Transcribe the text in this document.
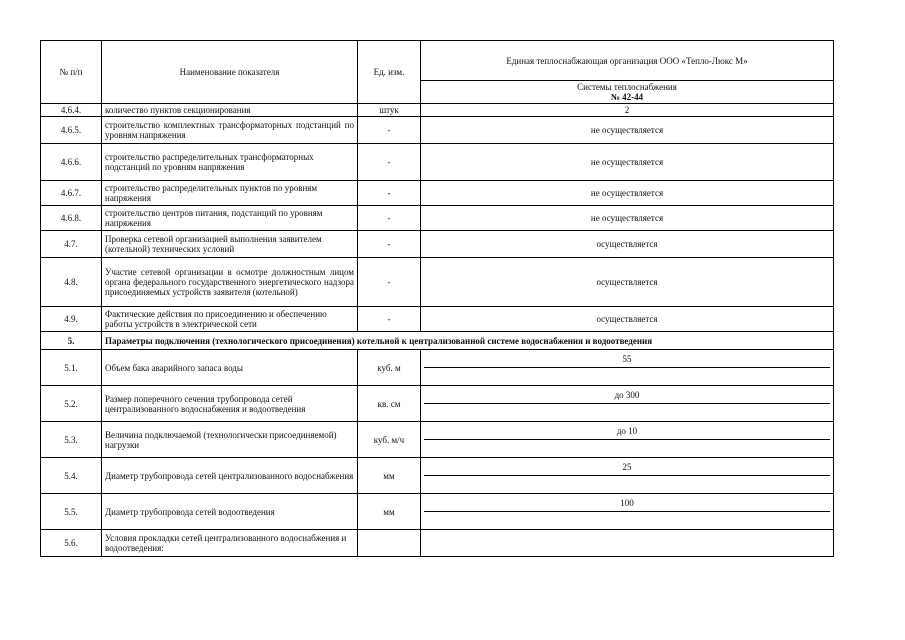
№ п/п	Наименование показателя	Ед. изм.	Единая теплоснабжающая организация ООО «Тепло-Люкс М»

			Системы теплоснабжения
№ 42-44

4.6.4.	количество пунктов секционирования	штук	2
4.6.5.	строительство комплектных трансформаторных подстанций по уровням напряжения	-	не осуществляется
4.6.6.	строительство распределительных трансформаторных подстанций по уровням напряжения	-	не осуществляется
4.6.7.	строительство распределительных пунктов по уровням напряжения	-	не осуществляется
4.6.8.	строительство центров питания, подстанций по уровням напряжения	-	не осуществляется
4.7.	Проверка сетевой организацией выполнения заявителем (котельной) технических условий	-	осуществляется
4.8.	Участие сетевой организации в осмотре должностным лицом органа федерального государственного энергетического надзора присоединяемых устройств заявителя (котельной)	-	осуществляется
4.9.	Фактические действия по присоединению и обеспечению работы устройств в электрической сети	-	осуществляется
5.	Параметры подключения (технологического присоединения) котельной к централизованной системе водоснабжения и водоотведения		
5.1.	Объем бака аварийного запаса воды	куб. м	55

5.2.	Размер поперечного сечения трубопровода сетей централизованного водоснабжения и водоотведения	кв. см	до 300

5.3.	Величина подключаемой (технологически присоединяемой) нагрузки	куб. м/ч	до 10

5.4.	Диаметр трубопровода сетей централизованного водоснабжения	мм	25

5.5.	Диаметр трубопровода сетей водоотведения	мм	100

5.6.	Условия прокладки сетей централизованного водоснабжения и водоотведения:		
